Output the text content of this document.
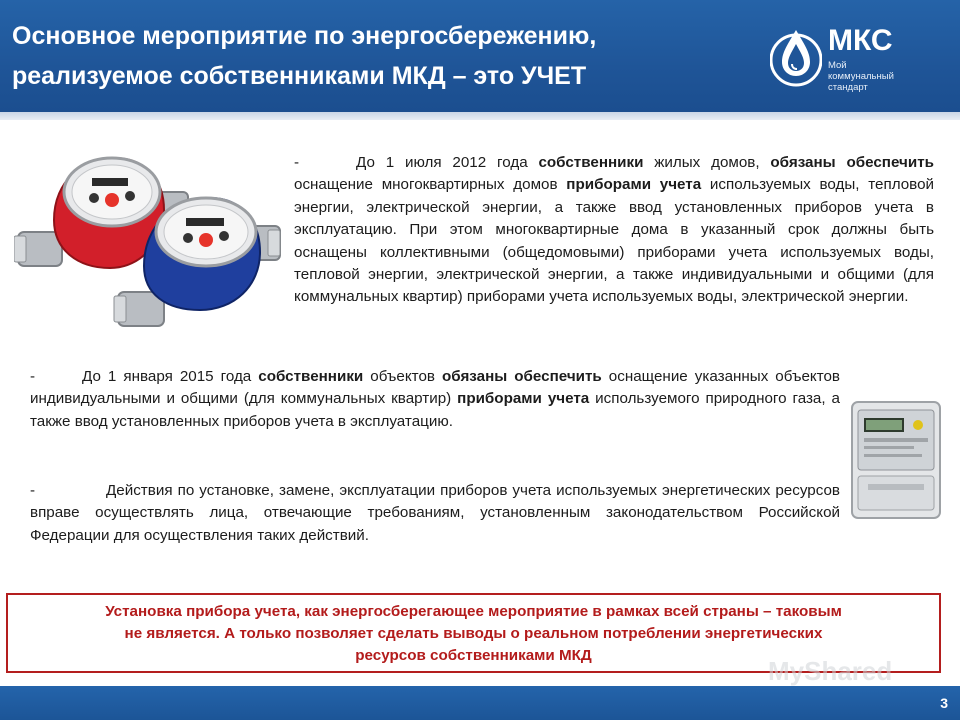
Основное мероприятие по энергосбережению,
реализуемое собственниками МКД – это УЧЕТ
МКС
Мой
коммунальный
стандарт
-	До 1 июля 2012 года собственники жилых домов, обязаны обеспечить оснащение многоквартирных домов приборами учета используемых воды, тепловой энергии, электрической энергии, а также ввод установленных приборов учета в эксплуатацию. При этом многоквартирные дома в указанный срок должны быть оснащены коллективными (общедомовыми) приборами учета используемых воды, тепловой энергии, электрической энергии, а также индивидуальными и общими (для коммунальных квартир) приборами учета используемых воды, электрической энергии.
-	До 1 января 2015 года собственники объектов обязаны обеспечить оснащение указанных объектов индивидуальными и общими (для коммунальных квартир) приборами учета используемого природного газа, а также ввод установленных приборов учета в эксплуатацию.
-	Действия по установке, замене, эксплуатации приборов учета используемых энергетических ресурсов вправе осуществлять лица, отвечающие требованиям, установленным законодательством Российской Федерации для осуществления таких действий.
Установка прибора учета, как энергосберегающее мероприятие в рамках всей страны – таковым
не является. А только позволяет сделать выводы о реальном потреблении энергетических
ресурсов собственниками МКД
MyShared
3
